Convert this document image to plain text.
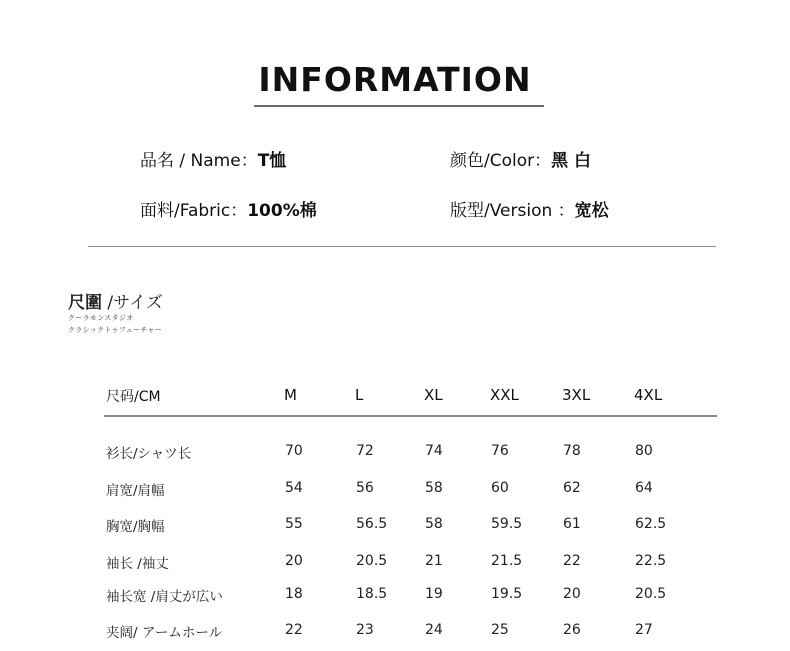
INFORMATION
品名 / Name：T恤	颜色/Color：黑 白
面料/Fabric：100%棉	版型/Version ：宽松
尺圍 /サイズ
クーラモンスタジオ
クラシックトゥフューチャー
尺码/CM	M	L	XL	XXL	3XL	4XL
衫长/シャツ长	70	72	74	76	78	80
肩宽/肩幅	54	56	58	60	62	64
胸宽/胸幅	55	56.5	58	59.5	61	62.5
袖长 /袖丈	20	20.5	21	21.5	22	22.5
袖长宽 /肩丈が広い	18	18.5	19	19.5	20	20.5
夹阔/ アームホール	22	23	24	25	26	27
